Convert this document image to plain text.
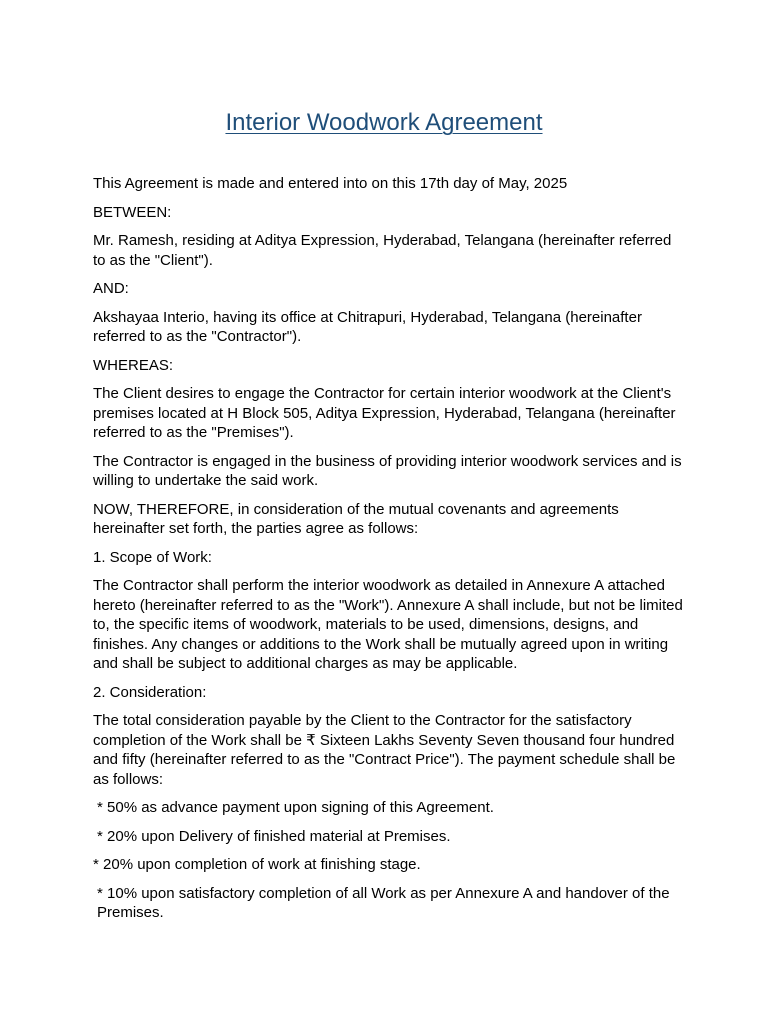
Interior Woodwork Agreement

This Agreement is made and entered into on this 17th day of May, 2025

BETWEEN:

Mr. Ramesh, residing at Aditya Expression, Hyderabad, Telangana (hereinafter referred to as the "Client").

AND:

Akshayaa Interio, having its office at Chitrapuri, Hyderabad, Telangana (hereinafter referred to as the "Contractor").

WHEREAS:

The Client desires to engage the Contractor for certain interior woodwork at the Client's premises located at H Block 505, Aditya Expression, Hyderabad, Telangana (hereinafter referred to as the "Premises").

The Contractor is engaged in the business of providing interior woodwork services and is willing to undertake the said work.

NOW, THEREFORE, in consideration of the mutual covenants and agreements hereinafter set forth, the parties agree as follows:

1. Scope of Work:

The Contractor shall perform the interior woodwork as detailed in Annexure A attached hereto (hereinafter referred to as the "Work"). Annexure A shall include, but not be limited to, the specific items of woodwork, materials to be used, dimensions, designs, and finishes. Any changes or additions to the Work shall be mutually agreed upon in writing and shall be subject to additional charges as may be applicable.

2. Consideration:

The total consideration payable by the Client to the Contractor for the satisfactory completion of the Work shall be ₹ Sixteen Lakhs Seventy Seven thousand four hundred and fifty (hereinafter referred to as the "Contract Price"). The payment schedule shall be as follows:

* 50% as advance payment upon signing of this Agreement.

* 20% upon Delivery of finished material at Premises.

* 20% upon completion of work at finishing stage.

* 10% upon satisfactory completion of all Work as per Annexure A and handover of the Premises.
